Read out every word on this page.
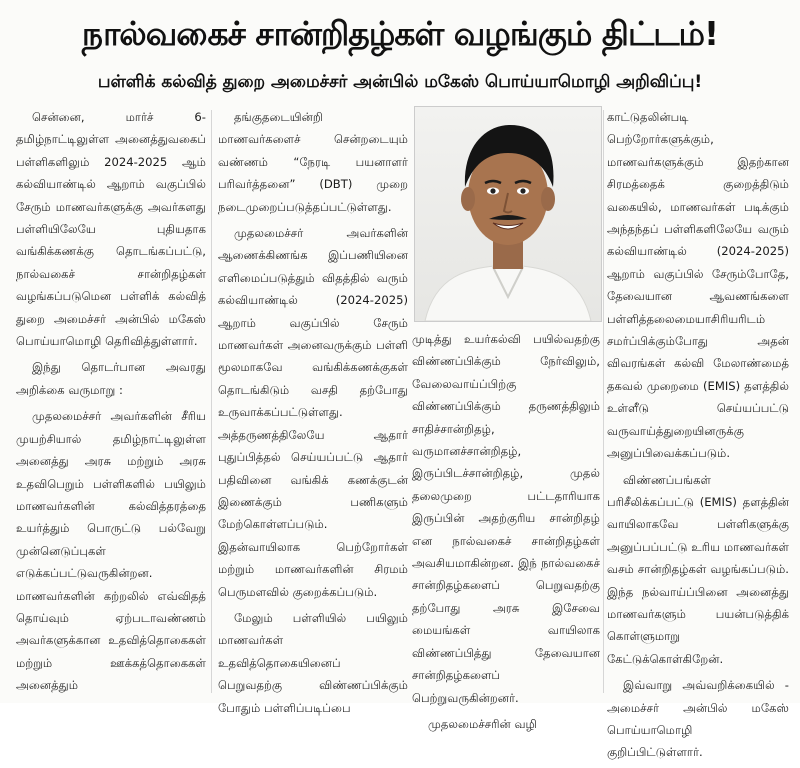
நால்வகைச் சான்றிதழ்கள் வழங்கும் திட்டம்!
பள்ளிக் கல்வித் துறை அமைச்சர் அன்பில் மகேஸ் பொய்யாமொழி அறிவிப்பு!

சென்னை, மார்ச் 6- தமிழ்நாட்டிலுள்ள அனைத்துவகைப் பள்ளிகளிலும் 2024-2025 ஆம் கல்வியாண்டில் ஆறாம் வகுப்பில் சேரும் மாணவர்களுக்கு அவர்களது பள்ளியிலேயே புதியதாக வங்கிக்கணக்கு தொடங்கப்பட்டு, நால்வகைச் சான்றிதழ்கள் வழங்கப்படுமென பள்ளிக் கல்வித் துறை அமைச்சர் அன்பில் மகேஸ் பொய்யாமொழி தெரிவித்துள்ளார்.

இந்து தொடர்பான அவரது அறிக்கை வருமாறு :

முதலமைச்சர் அவர்களின் சீரிய முயற்சியால் தமிழ்நாட்டிலுள்ள அனைத்து அரசு மற்றும் அரசு உதவிபெறும் பள்ளிகளில் பயிலும் மாணவர்களின் கல்வித்தரத்தை உயர்த்தும் பொருட்டு பல்வேறு முன்னெடுப்புகள் எடுக்கப்பட்டுவருகின்றன. மாணவர்களின் கற்றலில் எவ்விதத் தொய்வும் ஏற்படாவண்ணம் அவர்களுக்கான உதவித்தொகைகள் மற்றும் ஊக்கத்தொகைகள் அனைத்தும்

தங்குதடையின்றி மாணவர்களைச் சென்றடையும் வண்ணம் “நேரடி பயனாளர் பரிவர்த்தனை” (DBT) முறை நடைமுறைப்படுத்தப்பட்டுள்ளது.

முதலமைச்சர் அவர்களின் ஆணைக்கிணங்க இப்பணியினை எளிமைப்படுத்தும் விதத்தில் வரும் கல்வியாண்டில் (2024-2025) ஆறாம் வகுப்பில் சேரும் மாணவர்கள் அனைவருக்கும் பள்ளி மூலமாகவே வங்கிக்கணக்குகள் தொடங்கிடும் வசதி தற்போது உருவாக்கப்பட்டுள்ளது. அத்தருணத்திலேயே ஆதார் புதுப்பித்தல் செய்யப்பட்டு ஆதார் பதிவினை வங்கிக் கணக்குடன் இணைக்கும் பணிகளும் மேற்கொள்ளப்படும். இதன்வாயிலாக பெற்றோர்கள் மற்றும் மாணவர்களின் சிரமம் பெருமளவில் குறைக்கப்படும்.

மேலும் பள்ளியில் பயிலும் மாணவர்கள் உதவித்தொகையினைப் பெறுவதற்கு விண்ணப்பிக்கும் போதும் பள்ளிப்படிப்பை

முடித்து உயர்கல்வி பயில்வதற்கு விண்ணப்பிக்கும் நேர்விலும், வேலைவாய்ப்பிற்கு விண்ணப்பிக்கும் தருணத்திலும் சாதிச்சான்றிதழ், வருமானச்சான்றிதழ், இருப்பிடச்சான்றிதழ், முதல் தலைமுறை பட்டதாரியாக இருப்பின் அதற்குரிய சான்றிதழ் என நால்வகைச் சான்றிதழ்கள் அவசியமாகின்றன. இந் நால்வகைச் சான்றிதழ்களைப் பெறுவதற்கு தற்போது அரசு இசேவை மையங்கள் வாயிலாக விண்ணப்பித்து தேவையான சான்றிதழ்களைப் பெற்றுவருகின்றனர்.

முதலமைச்சரின் வழி

காட்டுதலின்படி பெற்றோர்களுக்கும், மாணவர்களுக்கும் இதற்கான சிரமத்தைக் குறைத்திடும் வகையில், மாணவர்கள் படிக்கும் அந்தந்தப் பள்ளிகளிலேயே வரும் கல்வியாண்டில் (2024-2025) ஆறாம் வகுப்பில் சேரும்போதே, தேவையான ஆவணங்களை பள்ளித்தலைமையாசிரியரிடம் சமர்ப்பிக்கும்போது அதன் விவரங்கள் கல்வி மேலாண்மைத் தகவல் முறைமை (EMIS) தளத்தில் உள்ளீடு செய்யப்பட்டு வருவாய்த்துறையினருக்கு அனுப்பிவைக்கப்படும்.

விண்ணப்பங்கள் பரிசீலிக்கப்பட்டு (EMIS) தளத்தின் வாயிலாகவே பள்ளிகளுக்கு அனுப்பப்பட்டு உரிய மாணவர்கள் வசம் சான்றிதழ்கள் வழங்கப்படும். இந்த நல்வாய்ப்பினை அனைத்து மாணவர்களும் பயன்படுத்திக் கொள்ளுமாறு கேட்டுக்கொள்கிறேன்.

இவ்வாறு அவ்வறிக்கையில் - அமைச்சர் அன்பில் மகேஸ் பொய்யாமொழி குறிப்பிட்டுள்ளார்.
